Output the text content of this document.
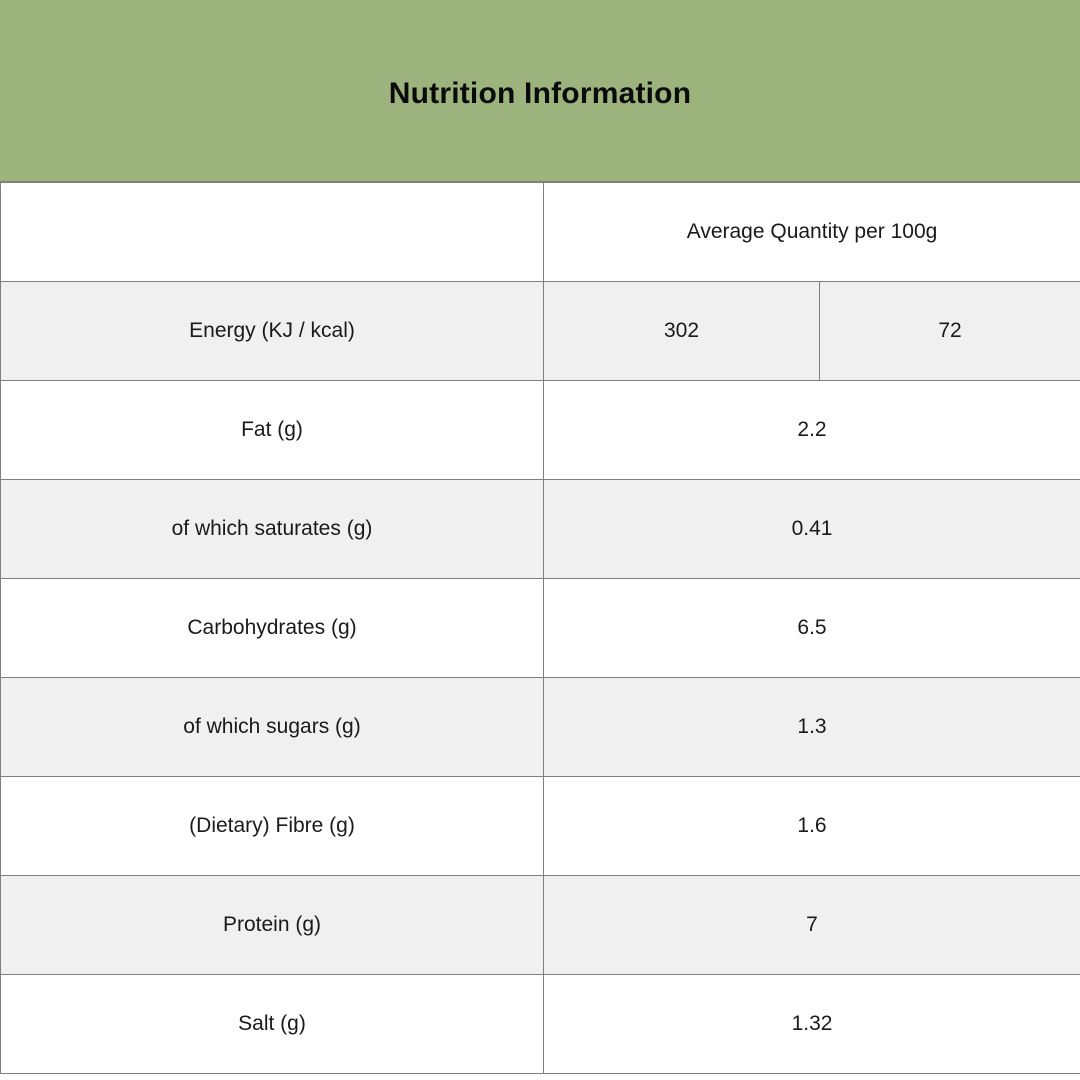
Nutrition Information
	Average Quantity per 100g	
Energy (KJ / kcal)	302	72
Fat (g)	2.2	
of which saturates (g)	0.41	
Carbohydrates (g)	6.5	
of which sugars (g)	1.3	
(Dietary) Fibre (g)	1.6	
Protein (g)	7	
Salt (g)	1.32	
